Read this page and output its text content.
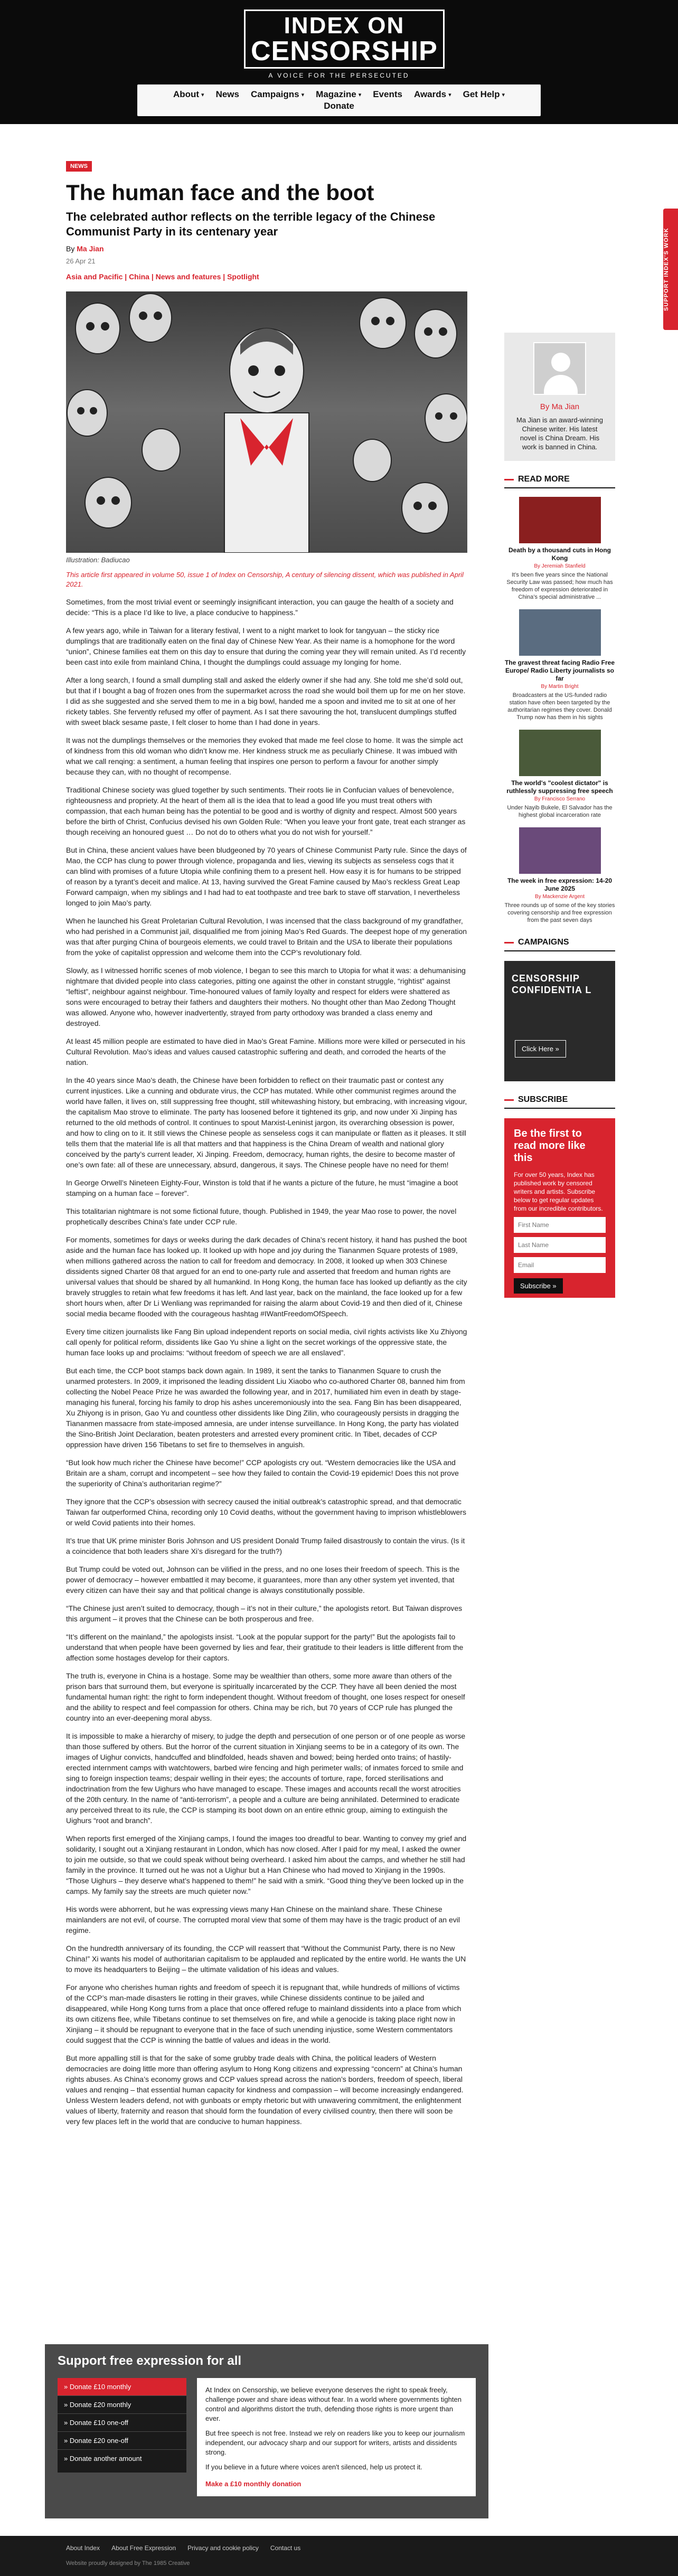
INDEX ON
CENSORSHIP
A VOICE FOR THE PERSECUTED
About ▾ News Campaigns ▾ Magazine ▾ Events Awards ▾ Get Help ▾
Donate
SUPPORT INDEX'S WORK
NEWS
The human face and the boot
The celebrated author reflects on the terrible legacy of the Chinese Communist Party in its centenary year
By Ma Jian
26 Apr 21
Asia and Pacific | China | News and features | Spotlight
Illustration: Badiucao
This article first appeared in volume 50, issue 1 of Index on Censorship, A century of silencing dissent, which was published in April 2021.

Sometimes, from the most trivial event or seemingly insignificant interaction, you can gauge the health of a society and decide: “This is a place I’d like to live, a place conducive to happiness.”

A few years ago, while in Taiwan for a literary festival, I went to a night market to look for tangyuan – the sticky rice dumplings that are traditionally eaten on the final day of Chinese New Year. As their name is a homophone for the word “union”, Chinese families eat them on this day to ensure that during the coming year they will remain united. As I’d recently been cast into exile from mainland China, I thought the dumplings could assuage my longing for home.

After a long search, I found a small dumpling stall and asked the elderly owner if she had any. She told me she’d sold out, but that if I bought a bag of frozen ones from the supermarket across the road she would boil them up for me on her stove. I did as she suggested and she served them to me in a big bowl, handed me a spoon and invited me to sit at one of her rickety tables. She fervently refused my offer of payment. As I sat there savouring the hot, translucent dumplings stuffed with sweet black sesame paste, I felt closer to home than I had done in years.

It was not the dumplings themselves or the memories they evoked that made me feel close to home. It was the simple act of kindness from this old woman who didn’t know me. Her kindness struck me as peculiarly Chinese. It was imbued with what we call renqing: a sentiment, a human feeling that inspires one person to perform a favour for another simply because they can, with no thought of recompense.

Traditional Chinese society was glued together by such sentiments. Their roots lie in Confucian values of benevolence, righteousness and propriety. At the heart of them all is the idea that to lead a good life you must treat others with compassion, that each human being has the potential to be good and is worthy of dignity and respect. Almost 500 years before the birth of Christ, Confucius devised his own Golden Rule: “When you leave your front gate, treat each stranger as though receiving an honoured guest … Do not do to others what you do not wish for yourself.”

But in China, these ancient values have been bludgeoned by 70 years of Chinese Communist Party rule. Since the days of Mao, the CCP has clung to power through violence, propaganda and lies, viewing its subjects as senseless cogs that it can blind with promises of a future Utopia while confining them to a present hell. How easy it is for humans to be stripped of reason by a tyrant’s deceit and malice. At 13, having survived the Great Famine caused by Mao’s reckless Great Leap Forward campaign, when my siblings and I had had to eat toothpaste and tree bark to stave off starvation, I nevertheless longed to join Mao’s party.

When he launched his Great Proletarian Cultural Revolution, I was incensed that the class background of my grandfather, who had perished in a Communist jail, disqualified me from joining Mao’s Red Guards. The deepest hope of my generation was that after purging China of bourgeois elements, we could travel to Britain and the USA to liberate their populations from the yoke of capitalist oppression and welcome them into the CCP’s revolutionary fold.

Slowly, as I witnessed horrific scenes of mob violence, I began to see this march to Utopia for what it was: a dehumanising nightmare that divided people into class categories, pitting one against the other in constant struggle, “rightist” against “leftist”, neighbour against neighbour. Time-honoured values of family loyalty and respect for elders were shattered as sons were encouraged to betray their fathers and daughters their mothers. No thought other than Mao Zedong Thought was allowed. Anyone who, however inadvertently, strayed from party orthodoxy was branded a class enemy and destroyed.

At least 45 million people are estimated to have died in Mao’s Great Famine. Millions more were killed or persecuted in his Cultural Revolution. Mao’s ideas and values caused catastrophic suffering and death, and corroded the hearts of the nation.

In the 40 years since Mao’s death, the Chinese have been forbidden to reflect on their traumatic past or contest any current injustices. Like a cunning and obdurate virus, the CCP has mutated. While other communist regimes around the world have fallen, it lives on, still suppressing free thought, still whitewashing history, but embracing, with increasing vigour, the capitalism Mao strove to eliminate. The party has loosened before it tightened its grip, and now under Xi Jinping has returned to the old methods of control. It continues to spout Marxist-Leninist jargon, its overarching obsession is power, and how to cling on to it. It still views the Chinese people as senseless cogs it can manipulate or flatten as it pleases. It still tells them that the material life is all that matters and that happiness is the China Dream of wealth and national glory conceived by the party’s current leader, Xi Jinping. Freedom, democracy, human rights, the desire to become master of one’s own fate: all of these are unnecessary, absurd, dangerous, it says. The Chinese people have no need for them!

In George Orwell’s Nineteen Eighty-Four, Winston is told that if he wants a picture of the future, he must “imagine a boot stamping on a human face – forever”.

This totalitarian nightmare is not some fictional future, though. Published in 1949, the year Mao rose to power, the novel prophetically describes China’s fate under CCP rule.

For moments, sometimes for days or weeks during the dark decades of China’s recent history, it hand has pushed the boot aside and the human face has looked up. It looked up with hope and joy during the Tiananmen Square protests of 1989, when millions gathered across the nation to call for freedom and democracy. In 2008, it looked up when 303 Chinese dissidents signed Charter 08 that argued for an end to one-party rule and asserted that freedom and human rights are universal values that should be shared by all humankind. In Hong Kong, the human face has looked up defiantly as the city bravely struggles to retain what few freedoms it has left. And last year, back on the mainland, the face looked up for a few short hours when, after Dr Li Wenliang was reprimanded for raising the alarm about Covid-19 and then died of it, Chinese social media became flooded with the courageous hashtag #IWantFreedomOfSpeech.

Every time citizen journalists like Fang Bin upload independent reports on social media, civil rights activists like Xu Zhiyong call openly for political reform, dissidents like Gao Yu shine a light on the secret workings of the oppressive state, the human face looks up and proclaims: “without freedom of speech we are all enslaved”.

But each time, the CCP boot stamps back down again. In 1989, it sent the tanks to Tiananmen Square to crush the unarmed protesters. In 2009, it imprisoned the leading dissident Liu Xiaobo who co-authored Charter 08, banned him from collecting the Nobel Peace Prize he was awarded the following year, and in 2017, humiliated him even in death by stage-managing his funeral, forcing his family to drop his ashes unceremoniously into the sea. Fang Bin has been disappeared, Xu Zhiyong is in prison, Gao Yu and countless other dissidents like Ding Zilin, who courageously persists in dragging the Tiananmen massacre from state-imposed amnesia, are under intense surveillance. In Hong Kong, the party has violated the Sino-British Joint Declaration, beaten protesters and arrested every prominent critic. In Tibet, decades of CCP oppression have driven 156 Tibetans to set fire to themselves in anguish.

“But look how much richer the Chinese have become!” CCP apologists cry out. “Western democracies like the USA and Britain are a sham, corrupt and incompetent – see how they failed to contain the Covid-19 epidemic! Does this not prove the superiority of China’s authoritarian regime?”

They ignore that the CCP’s obsession with secrecy caused the initial outbreak’s catastrophic spread, and that democratic Taiwan far outperformed China, recording only 10 Covid deaths, without the government having to imprison whistleblowers or weld Covid patients into their homes.

It’s true that UK prime minister Boris Johnson and US president Donald Trump failed disastrously to contain the virus. (Is it a coincidence that both leaders share Xi’s disregard for the truth?)

But Trump could be voted out, Johnson can be vilified in the press, and no one loses their freedom of speech. This is the power of democracy – however embattled it may become, it guarantees, more than any other system yet invented, that every citizen can have their say and that political change is always constitutionally possible.

“The Chinese just aren’t suited to democracy, though – it’s not in their culture,” the apologists retort. But Taiwan disproves this argument – it proves that the Chinese can be both prosperous and free.

“It’s different on the mainland,” the apologists insist. “Look at the popular support for the party!” But the apologists fail to understand that when people have been governed by lies and fear, their gratitude to their leaders is little different from the affection some hostages develop for their captors.

The truth is, everyone in China is a hostage. Some may be wealthier than others, some more aware than others of the prison bars that surround them, but everyone is spiritually incarcerated by the CCP. They have all been denied the most fundamental human right: the right to form independent thought. Without freedom of thought, one loses respect for oneself and the ability to respect and feel compassion for others. China may be rich, but 70 years of CCP rule has plunged the country into an ever-deepening moral abyss.

It is impossible to make a hierarchy of misery, to judge the depth and persecution of one person or of one people as worse than those suffered by others. But the horror of the current situation in Xinjiang seems to be in a category of its own. The images of Uighur convicts, handcuffed and blindfolded, heads shaven and bowed; being herded onto trains; of hastily-erected internment camps with watchtowers, barbed wire fencing and high perimeter walls; of inmates forced to smile and sing to foreign inspection teams; despair welling in their eyes; the accounts of torture, rape, forced sterilisations and indoctrination from the few Uighurs who have managed to escape. These images and accounts recall the worst atrocities of the 20th century. In the name of “anti-terrorism”, a people and a culture are being annihilated. Determined to eradicate any perceived threat to its rule, the CCP is stamping its boot down on an entire ethnic group, aiming to extinguish the Uighurs “root and branch”.

When reports first emerged of the Xinjiang camps, I found the images too dreadful to bear. Wanting to convey my grief and solidarity, I sought out a Xinjiang restaurant in London, which has now closed. After I paid for my meal, I asked the owner to join me outside, so that we could speak without being overheard. I asked him about the camps, and whether he still had family in the province. It turned out he was not a Uighur but a Han Chinese who had moved to Xinjiang in the 1990s. “Those Uighurs – they deserve what’s happened to them!” he said with a smirk. “Good thing they’ve been locked up in the camps. My family say the streets are much quieter now.”

His words were abhorrent, but he was expressing views many Han Chinese on the mainland share. These Chinese mainlanders are not evil, of course. The corrupted moral view that some of them may have is the tragic product of an evil regime.

On the hundredth anniversary of its founding, the CCP will reassert that “Without the Communist Party, there is no New China!” Xi wants his model of authoritarian capitalism to be applauded and replicated by the entire world. He wants the UN to move its headquarters to Beijing – the ultimate validation of his ideas and values.

For anyone who cherishes human rights and freedom of speech it is repugnant that, while hundreds of millions of victims of the CCP’s man-made disasters lie rotting in their graves, while Chinese dissidents continue to be jailed and disappeared, while Hong Kong turns from a place that once offered refuge to mainland dissidents into a place from which its own citizens flee, while Tibetans continue to set themselves on fire, and while a genocide is taking place right now in Xinjiang – it should be repugnant to everyone that in the face of such unending injustice, some Western commentators could suggest that the CCP is winning the battle of values and ideas in the world.

But more appalling still is that for the sake of some grubby trade deals with China, the political leaders of Western democracies are doing little more than offering asylum to Hong Kong citizens and expressing “concern” at China’s human rights abuses. As China’s economy grows and CCP values spread across the nation’s borders, freedom of speech, liberal values and renqing – that essential human capacity for kindness and compassion – will become increasingly endangered. Unless Western leaders defend, not with gunboats or empty rhetoric but with unwavering commitment, the enlightenment values of liberty, fraternity and reason that should form the foundation of every civilised country, then there will soon be very few places left in the world that are conducive to human happiness.

By Ma Jian
Ma Jian is an award-winning Chinese writer. His latest novel is China Dream. His work is banned in China.
READ MORE
Death by a thousand cuts in Hong Kong
By Jeremiah Stanfield
It’s been five years since the National Security Law was passed; how much has freedom of expression deteriorated in China’s special administrative ...
The gravest threat facing Radio Free Europe/ Radio Liberty journalists so far
By Martin Bright
Broadcasters at the US-funded radio station have often been targeted by the authoritarian regimes they cover. Donald Trump now has them in his sights
The world's "coolest dictator" is ruthlessly suppressing free speech
By Francisco Serrano
Under Nayib Bukele, El Salvador has the highest global incarceration rate
The week in free expression: 14-20 June 2025
By Mackenzie Argent
Three rounds up of some of the key stories covering censorship and free expression from the past seven days
CAMPAIGNS
CENSORSHIP CONFIDENTIA L
Click Here »
SUBSCRIBE
Be the first to read more like this

For over 50 years, Index has published work by censored writers and artists. Subscribe below to get regular updates from our incredible contributors.

First Name Last Name Email Subscribe »
Support free expression for all
» Donate £10 monthly
» Donate £20 monthly
» Donate £10 one-off
» Donate £20 one-off
» Donate another amount

At Index on Censorship, we believe everyone deserves the right to speak freely, challenge power and share ideas without fear. In a world where governments tighten control and algorithms distort the truth, defending those rights is more urgent than ever.

But free speech is not free. Instead we rely on readers like you to keep our journalism independent, our advocacy sharp and our support for writers, artists and dissidents strong.

If you believe in a future where voices aren't silenced, help us protect it.

Make a £10 monthly donation

About Index About Free Expression Privacy and cookie policy Contact us
Website proudly designed by The 1985 Creative
